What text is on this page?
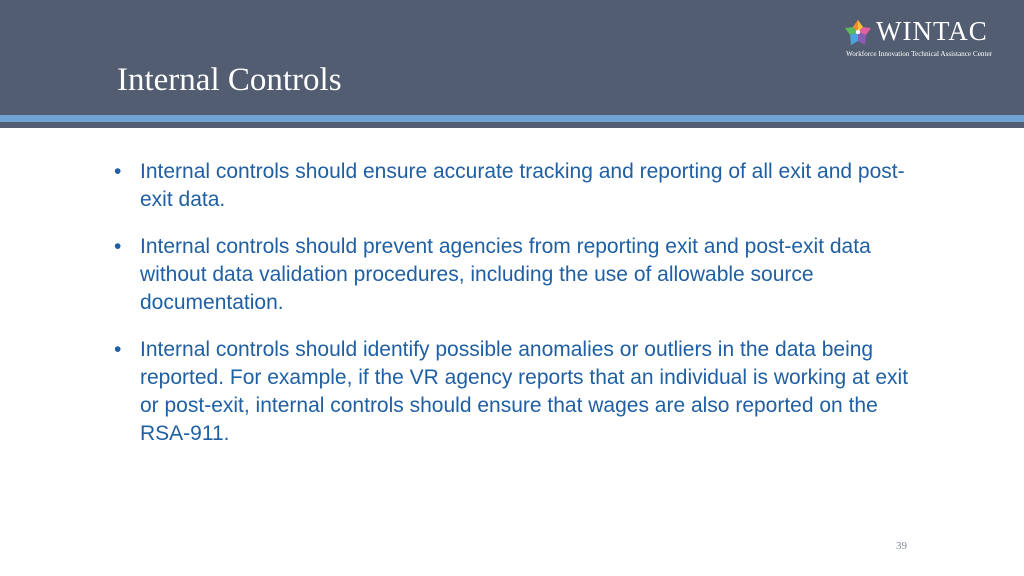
Internal Controls
WINTAC
Workforce Innovation Technical Assistance Center
• Internal controls should ensure accurate tracking and reporting of all exit and post-exit data.
• Internal controls should prevent agencies from reporting exit and post-exit data without data validation procedures, including the use of allowable source documentation.
• Internal controls should identify possible anomalies or outliers in the data being reported. For example, if the VR agency reports that an individual is working at exit or post-exit, internal controls should ensure that wages are also reported on the RSA-911.
39
